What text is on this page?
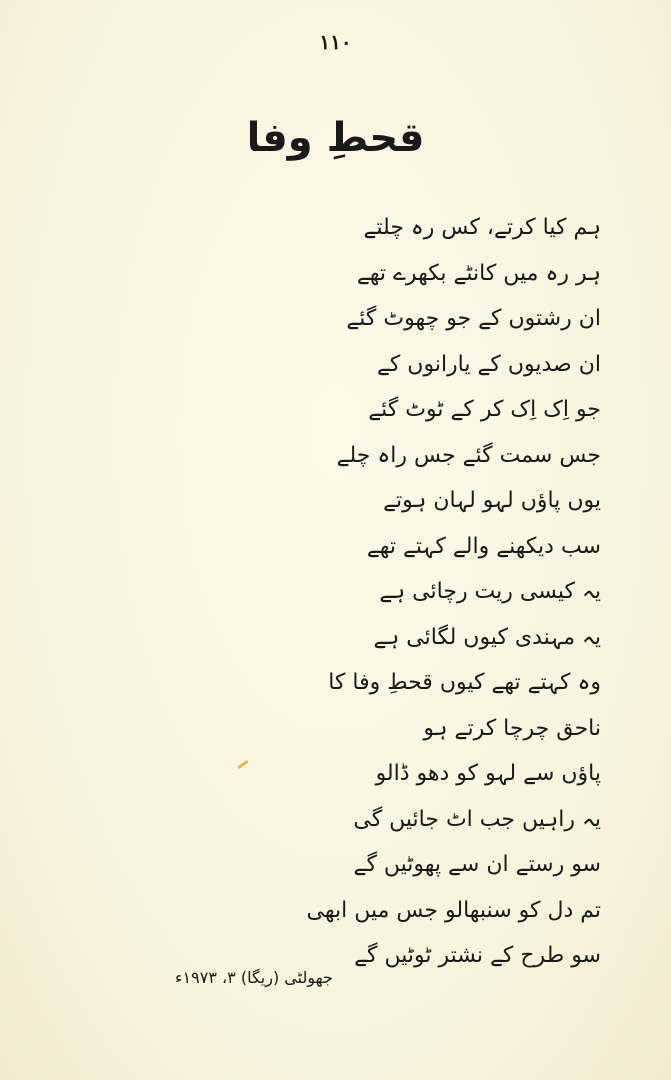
۱۱۰
قحطِ وفا
ہم کیا کرتے، کس رہ چلتے
ہر رہ میں کانٹے بکھرے تھے
ان رشتوں کے جو چھوٹ گئے
ان صدیوں کے یارانوں کے
جو اِک اِک کر کے ٹوٹ گئے
جس سمت گئے جس راہ چلے
یوں پاؤں لہو لہان ہوتے
سب دیکھنے والے کہتے تھے
یہ کیسی ریت رچائی ہے
یہ مہندی کیوں لگائی ہے
وہ کہتے تھے کیوں قحطِ وفا کا
ناحق چرچا کرتے ہو
پاؤں سے لہو کو دھو ڈالو
یہ راہیں جب اٹ جائیں گی
سو رستے ان سے پھوٹیں گے
تم دل کو سنبھالو جس میں ابھی
سو طرح کے نشتر ٹوٹیں گے
جھولٹی (ریگا) ۳، ۱۹۷۳ء
